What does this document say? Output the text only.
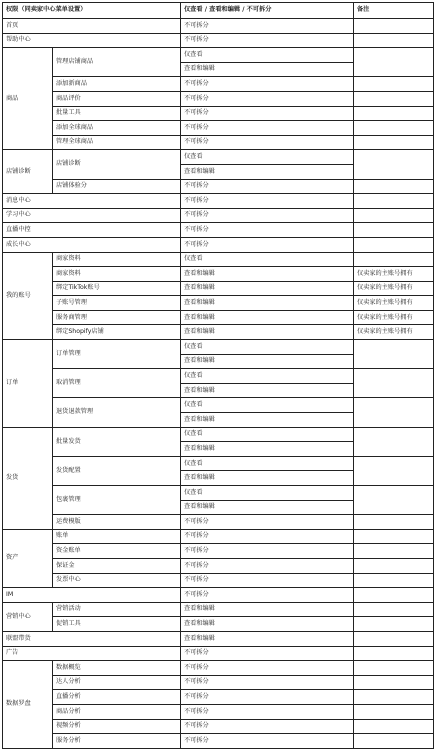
权限（同卖家中心菜单设置）		仅查看 / 查看和编辑 / 不可拆分	备注
首页		不可拆分	
帮助中心		不可拆分	
商品	管理店铺商品	仅查看	
		查看和编辑	
	添加新商品	不可拆分	
	商品评价	不可拆分	
	批量工具	不可拆分	
	添加全球商品	不可拆分	
	管理全球商品	不可拆分	
店铺诊断	店铺诊断	仅查看	
		查看和编辑	
	店铺体验分	不可拆分	
消息中心		不可拆分	
学习中心		不可拆分	
直播中控		不可拆分	
成长中心		不可拆分	
我的账号	商家资料	仅查看	
	商家资料	查看和编辑	仅卖家的主账号拥有
	绑定TikTok账号	查看和编辑	仅卖家的主账号拥有
	子账号管理	查看和编辑	仅卖家的主账号拥有
	服务商管理	查看和编辑	仅卖家的主账号拥有
	绑定Shopify店铺	查看和编辑	仅卖家的主账号拥有
订单	订单管理	仅查看	
		查看和编辑	
	取消管理	仅查看	
		查看和编辑	
	退货退款管理	仅查看	
		查看和编辑	
发货	批量发货	仅查看	
		查看和编辑	
	发货配置	仅查看	
		查看和编辑	
	包裹管理	仅查看	
		查看和编辑	
	运费模版	不可拆分	
资产	账单	不可拆分	
	资金账单	不可拆分	
	保证金	不可拆分	
	发票中心	不可拆分	
IM		不可拆分	
营销中心	营销活动	查看和编辑	
	促销工具	查看和编辑	
联盟带货		查看和编辑	
广告		不可拆分	
数据罗盘	数据概览	不可拆分	
	达人分析	不可拆分	
	直播分析	不可拆分	
	商品分析	不可拆分	
	视频分析	不可拆分	
	服务分析	不可拆分	
